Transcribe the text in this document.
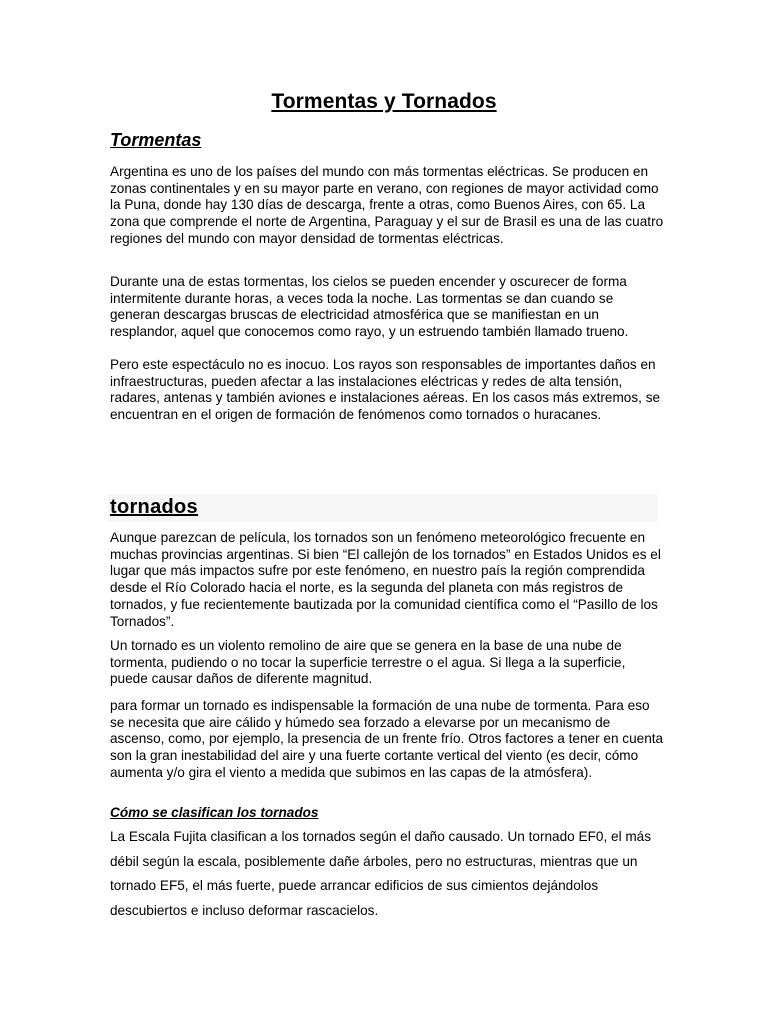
Tormentas y Tornados
Tormentas

Argentina es uno de los países del mundo con más tormentas eléctricas. Se producen en zonas continentales y en su mayor parte en verano, con regiones de mayor actividad como la Puna, donde hay 130 días de descarga, frente a otras, como Buenos Aires, con 65. La zona que comprende el norte de Argentina, Paraguay y el sur de Brasil es una de las cuatro regiones del mundo con mayor densidad de tormentas eléctricas.

Durante una de estas tormentas, los cielos se pueden encender y oscurecer de forma intermitente durante horas, a veces toda la noche. Las tormentas se dan cuando se generan descargas bruscas de electricidad atmosférica que se manifiestan en un resplandor, aquel que conocemos como rayo, y un estruendo también llamado trueno.

Pero este espectáculo no es inocuo. Los rayos son responsables de importantes daños en infraestructuras, pueden afectar a las instalaciones eléctricas y redes de alta tensión, radares, antenas y también aviones e instalaciones aéreas. En los casos más extremos, se encuentran en el origen de formación de fenómenos como tornados o huracanes.

tornados

Aunque parezcan de película, los tornados son un fenómeno meteorológico frecuente en muchas provincias argentinas. Si bien “El callejón de los tornados” en Estados Unidos es el lugar que más impactos sufre por este fenómeno, en nuestro país la región comprendida desde el Río Colorado hacia el norte, es la segunda del planeta con más registros de tornados, y fue recientemente bautizada por la comunidad científica como el “Pasillo de los Tornados”.

Un tornado es un violento remolino de aire que se genera en la base de una nube de tormenta, pudiendo o no tocar la superficie terrestre o el agua. Si llega a la superficie, puede causar daños de diferente magnitud.

para formar un tornado es indispensable la formación de una nube de tormenta. Para eso se necesita que aire cálido y húmedo sea forzado a elevarse por un mecanismo de ascenso, como, por ejemplo, la presencia de un frente frío. Otros factores a tener en cuenta son la gran inestabilidad del aire y una fuerte cortante vertical del viento (es decir, cómo aumenta y/o gira el viento a medida que subimos en las capas de la atmósfera).

Cómo se clasifican los tornados

La Escala Fujita clasifican a los tornados según el daño causado. Un tornado EF0, el más débil según la escala, posiblemente dañe árboles, pero no estructuras, mientras que un tornado EF5, el más fuerte, puede arrancar edificios de sus cimientos dejándolos descubiertos e incluso deformar rascacielos.
